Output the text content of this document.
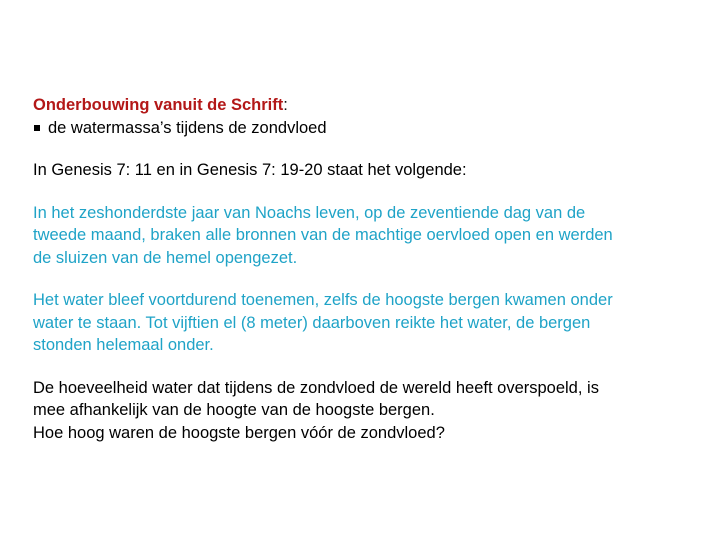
Onderbouwing vanuit de Schrift:

de watermassa’s tijdens de zondvloed

In Genesis 7: 11 en in Genesis 7: 19-20 staat het volgende:

In het zeshonderdste jaar van Noachs leven, op de zeventiende dag van de

tweede maand, braken alle bronnen van de machtige oervloed open en werden

de sluizen van de hemel opengezet.

Het water bleef voortdurend toenemen, zelfs de hoogste bergen kwamen onder

water te staan. Tot vijftien el (8 meter) daarboven reikte het water, de bergen

stonden helemaal onder.

De hoeveelheid water dat tijdens de zondvloed de wereld heeft overspoeld, is

mee afhankelijk van de hoogte van de hoogste bergen.

Hoe hoog waren de hoogste bergen vóór de zondvloed?
